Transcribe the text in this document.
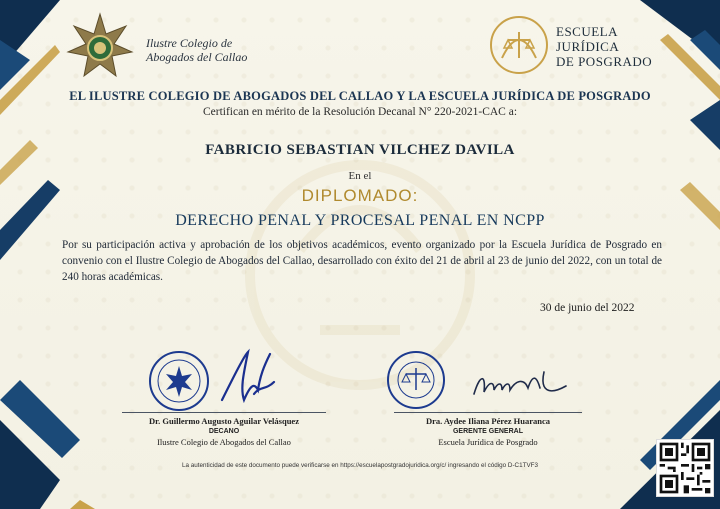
Ilustre Colegio de
Abogados del Callao
ESCUELA
JURÍDICA
DE POSGRADO
EL ILUSTRE COLEGIO DE ABOGADOS DEL CALLAO Y LA ESCUELA JURÍDICA DE POSGRADO
Certifican en mérito de la Resolución Decanal N° 220-2021-CAC a:
FABRICIO SEBASTIAN VILCHEZ DAVILA
En el
DIPLOMADO:
DERECHO PENAL Y PROCESAL PENAL EN NCPP
Por su participación activa y aprobación de los objetivos académicos, evento organizado por la Escuela Jurídica de Posgrado en convenio con el Ilustre Colegio de Abogados del Callao, desarrollado con éxito del 21 de abril al 23 de junio del 2022, con un total de 240 horas académicas.
30 de junio del 2022
Dr. Guillermo Augusto Aguilar Velásquez
DECANO
Ilustre Colegio de Abogados del Callao
Dra. Aydee Iliana Pérez Huaranca
GERENTE GENERAL
Escuela Jurídica de Posgrado
La autenticidad de este documento puede verificarse en https://escuelapostgradojuridica.org/c/ ingresando el código D-C1TVF3
